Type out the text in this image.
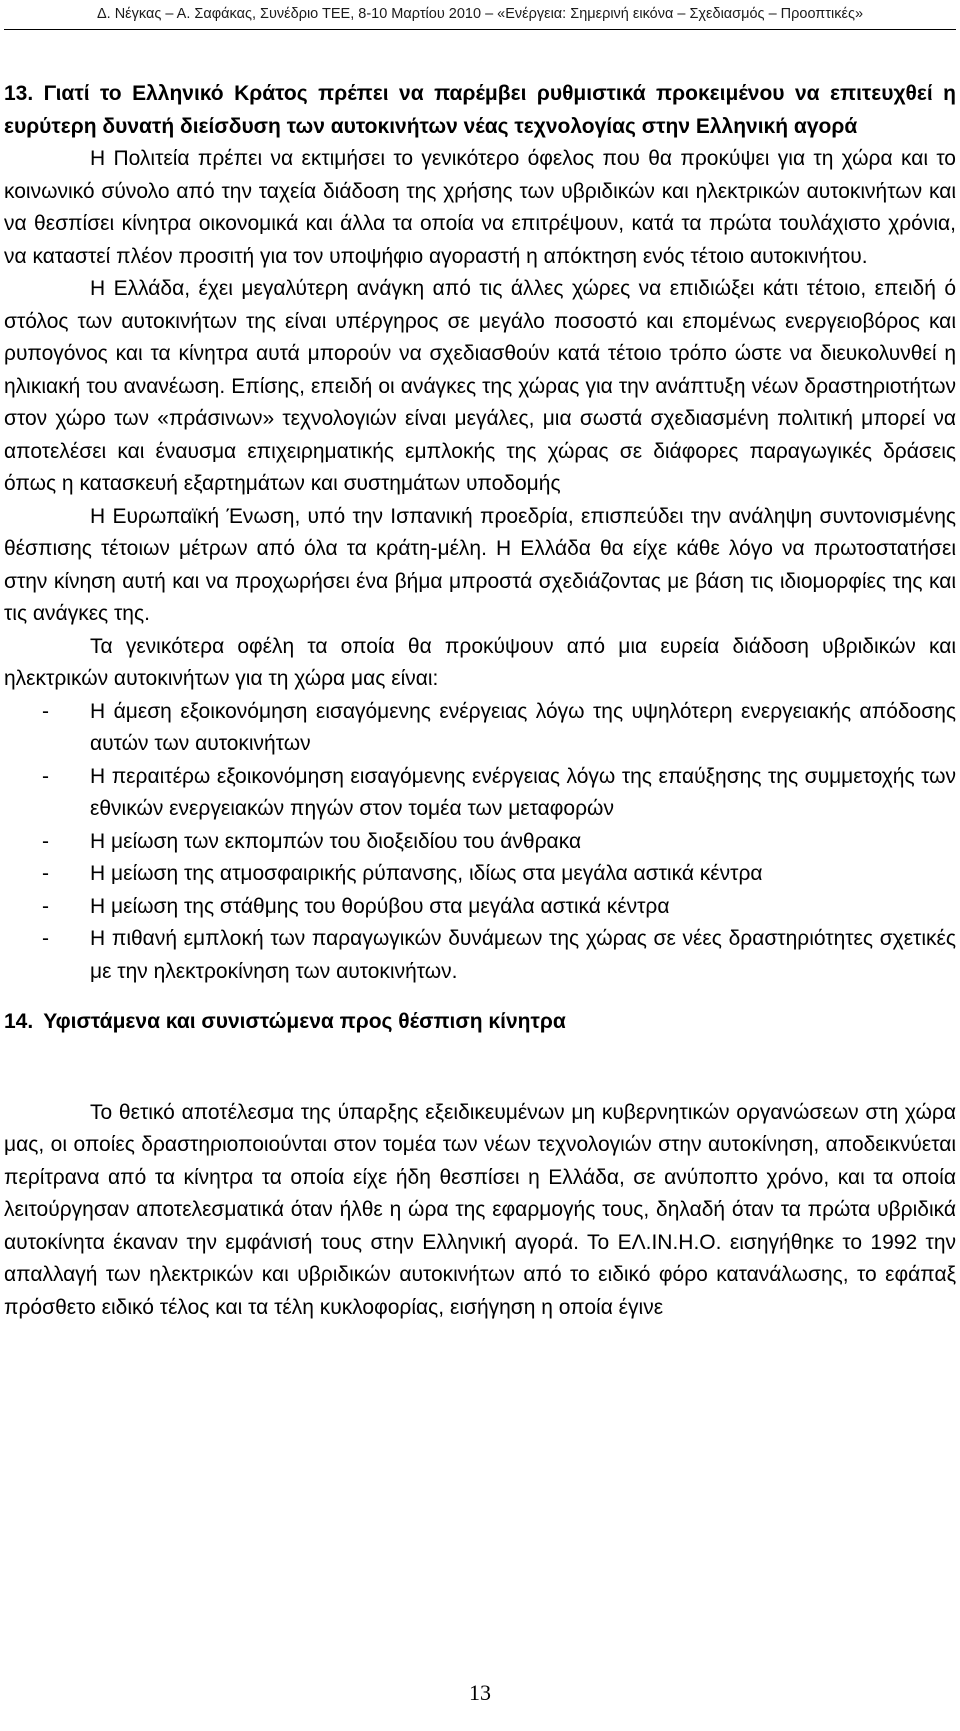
Δ. Νέγκας – Α. Σαφάκας, Συνέδριο ΤΕΕ, 8-10 Μαρτίου 2010 – «Ενέργεια: Σημερινή εικόνα – Σχεδιασμός – Προοπτικές»

13. Γιατί το Ελληνικό Κράτος πρέπει να παρέμβει ρυθμιστικά προκειμένου να επιτευχθεί η ευρύτερη δυνατή διείσδυση των αυτοκινήτων νέας τεχνολογίας στην Ελληνική αγορά

Η Πολιτεία πρέπει να εκτιμήσει το γενικότερο όφελος που θα προκύψει για τη χώρα και το κοινωνικό σύνολο από την ταχεία διάδοση της χρήσης των υβριδικών και ηλεκτρικών αυτοκινήτων και να θεσπίσει κίνητρα οικονομικά και άλλα τα οποία να επιτρέψουν, κατά τα πρώτα τουλάχιστο χρόνια, να καταστεί πλέον προσιτή για τον υποψήφιο αγοραστή η απόκτηση ενός τέτοιο αυτοκινήτου.

Η Ελλάδα, έχει μεγαλύτερη ανάγκη από τις άλλες χώρες να επιδιώξει κάτι τέτοιο, επειδή ό στόλος των αυτοκινήτων της είναι υπέργηρος σε μεγάλο ποσοστό και επομένως ενεργειοβόρος και ρυπογόνος και τα κίνητρα αυτά μπορούν να σχεδιασθούν κατά τέτοιο τρόπο ώστε να διευκολυνθεί η ηλικιακή του ανανέωση. Επίσης, επειδή οι ανάγκες της χώρας για την ανάπτυξη νέων δραστηριοτήτων στον χώρο των «πράσινων» τεχνολογιών είναι μεγάλες, μια σωστά σχεδιασμένη πολιτική μπορεί να αποτελέσει και έναυσμα επιχειρηματικής εμπλοκής της χώρας σε διάφορες παραγωγικές δράσεις όπως η κατασκευή εξαρτημάτων και συστημάτων υποδομής

Η Ευρωπαϊκή Ένωση, υπό την Ισπανική προεδρία, επισπεύδει την ανάληψη συντονισμένης θέσπισης τέτοιων μέτρων από όλα τα κράτη-μέλη. Η Ελλάδα θα είχε κάθε λόγο να πρωτοστατήσει στην κίνηση αυτή και να προχωρήσει ένα βήμα μπροστά σχεδιάζοντας με βάση τις ιδιομορφίες της και τις ανάγκες της.

Τα γενικότερα οφέλη τα οποία θα προκύψουν από μια ευρεία διάδοση υβριδικών και ηλεκτρικών αυτοκινήτων για τη χώρα μας είναι:

- Η άμεση εξοικονόμηση εισαγόμενης ενέργειας λόγω της υψηλότερη ενεργειακής απόδοσης αυτών των αυτοκινήτων
- Η περαιτέρω εξοικονόμηση εισαγόμενης ενέργειας λόγω της επαύξησης της συμμετοχής των εθνικών ενεργειακών πηγών στον τομέα των μεταφορών
- Η μείωση των εκπομπών του διοξειδίου του άνθρακα
- Η μείωση της ατμοσφαιρικής ρύπανσης, ιδίως στα μεγάλα αστικά κέντρα
- Η μείωση της στάθμης του θορύβου στα μεγάλα αστικά κέντρα
- Η πιθανή εμπλοκή των παραγωγικών δυνάμεων της χώρας σε νέες δραστηριότητες σχετικές με την ηλεκτροκίνηση των αυτοκινήτων.

14. Υφιστάμενα και συνιστώμενα προς θέσπιση κίνητρα

Το θετικό αποτέλεσμα της ύπαρξης εξειδικευμένων μη κυβερνητικών οργανώσεων στη χώρα μας, οι οποίες δραστηριοποιούνται στον τομέα των νέων τεχνολογιών στην αυτοκίνηση, αποδεικνύεται περίτρανα από τα κίνητρα τα οποία είχε ήδη θεσπίσει η Ελλάδα, σε ανύποπτο χρόνο, και τα οποία λειτούργησαν αποτελεσματικά όταν ήλθε η ώρα της εφαρμογής τους, δηλαδή όταν τα πρώτα υβριδικά αυτοκίνητα έκαναν την εμφάνισή τους στην Ελληνική αγορά. Το ΕΛ.ΙΝ.Η.Ο. εισηγήθηκε το 1992 την απαλλαγή των ηλεκτρικών και υβριδικών αυτοκινήτων από το ειδικό φόρο κατανάλωσης, το εφάπαξ πρόσθετο ειδικό τέλος και τα τέλη κυκλοφορίας, εισήγηση η οποία έγινε

13
